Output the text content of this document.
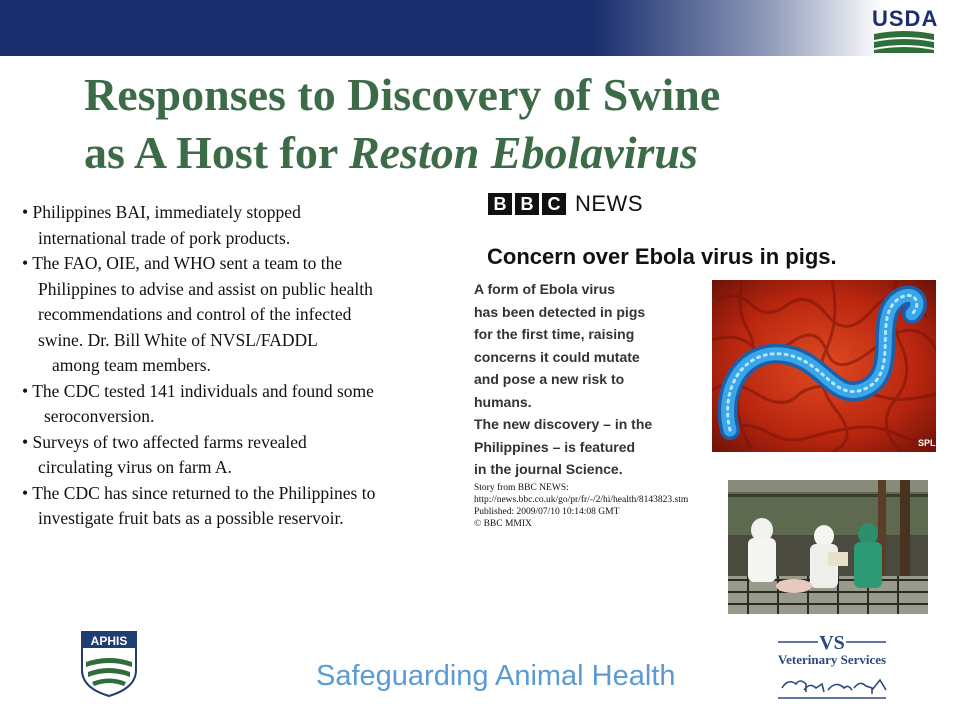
USDA
Responses to Discovery of Swine
as A Host for Reston Ebolavirus
• Philippines BAI, immediately stopped
international trade of pork products.
• The FAO, OIE, and WHO sent a team to the
Philippines to advise and assist on public health
recommendations and control of the infected
swine. Dr. Bill White of NVSL/FADDL
among team members.
• The CDC tested 141 individuals and found some
seroconversion.
• Surveys of two affected farms revealed
circulating virus on farm A.
• The CDC has since returned to the Philippines to
investigate fruit bats as a possible reservoir.
B B C NEWS
Concern over Ebola virus in pigs.

A form of Ebola virus
has been detected in pigs
for the first time, raising
concerns it could mutate
and pose a new risk to
humans.
The new discovery – in the
Philippines – is featured
in the journal Science.

Story from BBC NEWS:
http://news.bbc.co.uk/go/pr/fr/-/2/hi/health/8143823.stm
Published: 2009/07/10 10:14:08 GMT
© BBC MMIX

SPL
APHIS

Safeguarding Animal Health

VS
Veterinary Services
